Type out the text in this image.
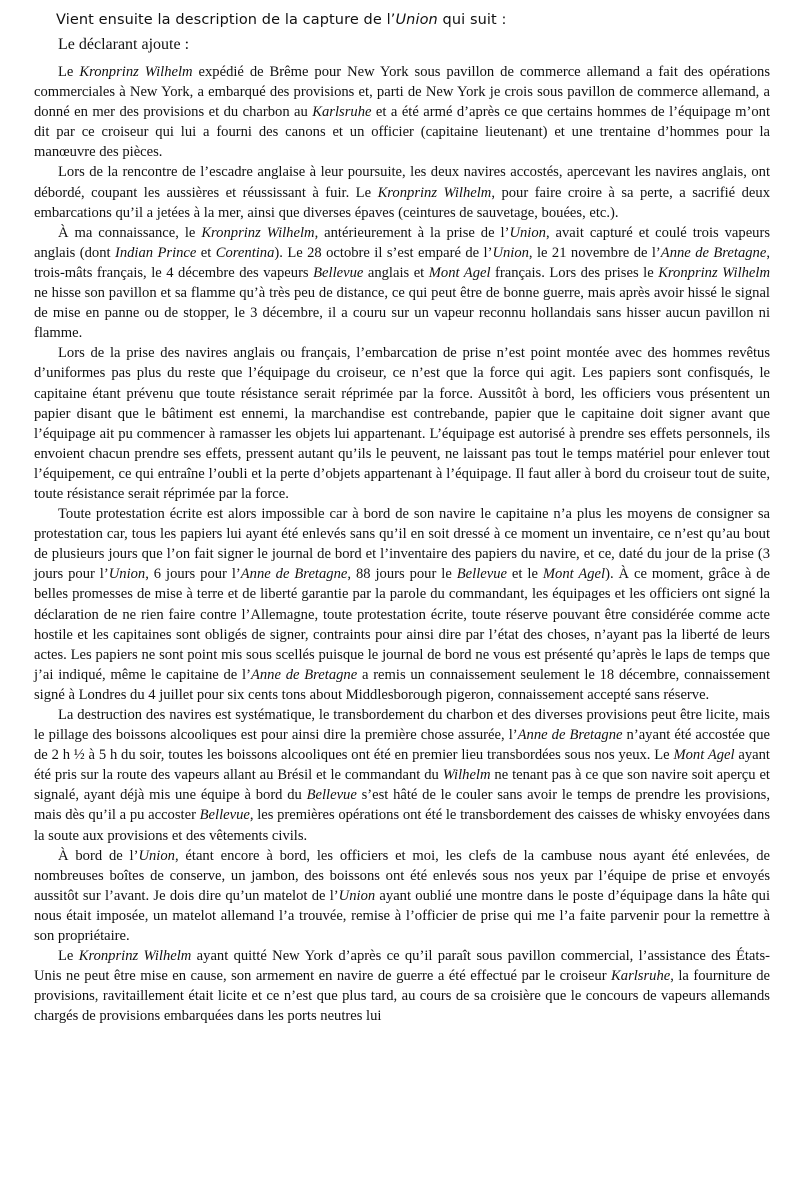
Vient ensuite la description de la capture de l’Union qui suit :
Le déclarant ajoute :

Le Kronprinz Wilhelm expédié de Brême pour New York sous pavillon de commerce allemand a fait des opérations commerciales à New York, a embarqué des provisions et, parti de New York je crois sous pavillon de commerce allemand, a donné en mer des provisions et du charbon au Karlsruhe et a été armé d’après ce que certains hommes de l’équipage m’ont dit par ce croiseur qui lui a fourni des canons et un officier (capitaine lieutenant) et une trentaine d’hommes pour la manœuvre des pièces.

Lors de la rencontre de l’escadre anglaise à leur poursuite, les deux navires accostés, apercevant les navires anglais, ont débordé, coupant les aussières et réussissant à fuir. Le Kronprinz Wilhelm, pour faire croire à sa perte, a sacrifié deux embarcations qu’il a jetées à la mer, ainsi que diverses épaves (ceintures de sauvetage, bouées, etc.).

À ma connaissance, le Kronprinz Wilhelm, antérieurement à la prise de l’Union, avait capturé et coulé trois vapeurs anglais (dont Indian Prince et Corentina). Le 28 octobre il s’est emparé de l’Union, le 21 novembre de l’Anne de Bretagne, trois-mâts français, le 4 décembre des vapeurs Bellevue anglais et Mont Agel français. Lors des prises le Kronprinz Wilhelm ne hisse son pavillon et sa flamme qu’à très peu de distance, ce qui peut être de bonne guerre, mais après avoir hissé le signal de mise en panne ou de stopper, le 3 décembre, il a couru sur un vapeur reconnu hollandais sans hisser aucun pavillon ni flamme.

Lors de la prise des navires anglais ou français, l’embarcation de prise n’est point montée avec des hommes revêtus d’uniformes pas plus du reste que l’équipage du croiseur, ce n’est que la force qui agit. Les papiers sont confisqués, le capitaine étant prévenu que toute résistance serait réprimée par la force. Aussitôt à bord, les officiers vous présentent un papier disant que le bâtiment est ennemi, la marchandise est contrebande, papier que le capitaine doit signer avant que l’équipage ait pu commencer à ramasser les objets lui appartenant. L’équipage est autorisé à prendre ses effets personnels, ils envoient chacun prendre ses effets, pressent autant qu’ils le peuvent, ne laissant pas tout le temps matériel pour enlever tout l’équipement, ce qui entraîne l’oubli et la perte d’objets appartenant à l’équipage. Il faut aller à bord du croiseur tout de suite, toute résistance serait réprimée par la force.

Toute protestation écrite est alors impossible car à bord de son navire le capitaine n’a plus les moyens de consigner sa protestation car, tous les papiers lui ayant été enlevés sans qu’il en soit dressé à ce moment un inventaire, ce n’est qu’au bout de plusieurs jours que l’on fait signer le journal de bord et l’inventaire des papiers du navire, et ce, daté du jour de la prise (3 jours pour l’Union, 6 jours pour l’Anne de Bretagne, 88 jours pour le Bellevue et le Mont Agel). À ce moment, grâce à de belles promesses de mise à terre et de liberté garantie par la parole du commandant, les équipages et les officiers ont signé la déclaration de ne rien faire contre l’Allemagne, toute protestation écrite, toute réserve pouvant être considérée comme acte hostile et les capitaines sont obligés de signer, contraints pour ainsi dire par l’état des choses, n’ayant pas la liberté de leurs actes. Les papiers ne sont point mis sous scellés puisque le journal de bord ne vous est présenté qu’après le laps de temps que j’ai indiqué, même le capitaine de l’Anne de Bretagne a remis un connaissement seulement le 18 décembre, connaissement signé à Londres du 4 juillet pour six cents tons about Middlesborough pigeron, connaissement accepté sans réserve.

La destruction des navires est systématique, le transbordement du charbon et des diverses provisions peut être licite, mais le pillage des boissons alcooliques est pour ainsi dire la première chose assurée, l’Anne de Bretagne n’ayant été accostée que de 2 h ½ à 5 h du soir, toutes les boissons alcooliques ont été en premier lieu transbordées sous nos yeux. Le Mont Agel ayant été pris sur la route des vapeurs allant au Brésil et le commandant du Wilhelm ne tenant pas à ce que son navire soit aperçu et signalé, ayant déjà mis une équipe à bord du Bellevue s’est hâté de le couler sans avoir le temps de prendre les provisions, mais dès qu’il a pu accoster Bellevue, les premières opérations ont été le transbordement des caisses de whisky envoyées dans la soute aux provisions et des vêtements civils.

À bord de l’Union, étant encore à bord, les officiers et moi, les clefs de la cambuse nous ayant été enlevées, de nombreuses boîtes de conserve, un jambon, des boissons ont été enlevés sous nos yeux par l’équipe de prise et envoyés aussitôt sur l’avant. Je dois dire qu’un matelot de l’Union ayant oublié une montre dans le poste d’équipage dans la hâte qui nous était imposée, un matelot allemand l’a trouvée, remise à l’officier de prise qui me l’a faite parvenir pour la remettre à son propriétaire.

Le Kronprinz Wilhelm ayant quitté New York d’après ce qu’il paraît sous pavillon commercial, l’assistance des États-Unis ne peut être mise en cause, son armement en navire de guerre a été effectué par le croiseur Karlsruhe, la fourniture de provisions, ravitaillement était licite et ce n’est que plus tard, au cours de sa croisière que le concours de vapeurs allemands chargés de provisions embarquées dans les ports neutres lui
